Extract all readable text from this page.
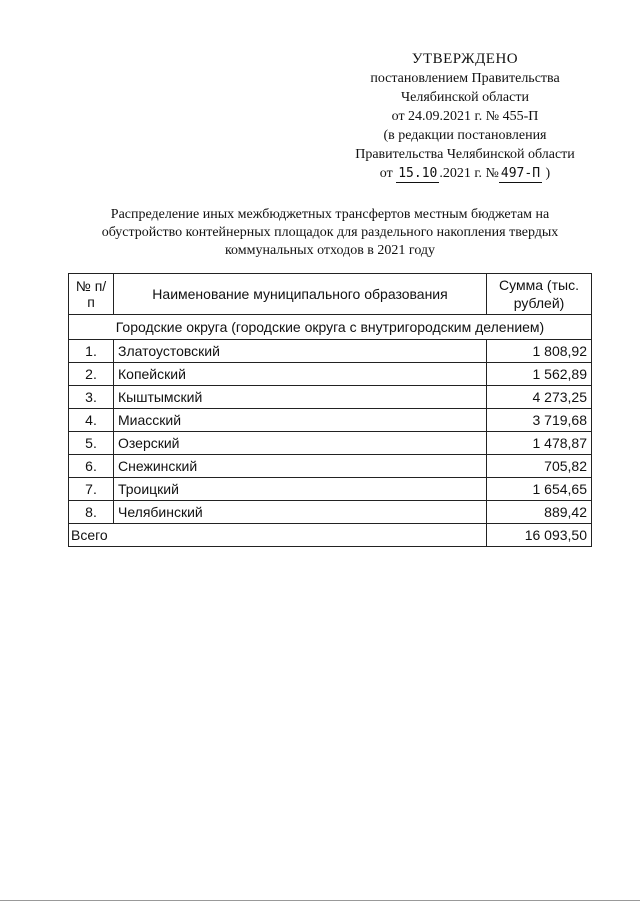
УТВЕРЖДЕНО
постановлением Правительства
Челябинской области
от 24.09.2021 г. № 455-П
(в редакции постановления
Правительства Челябинской области
от 15.10 .2021 г. № 497-П )
Распределение иных межбюджетных трансфертов местным бюджетам на обустройство контейнерных площадок для раздельного накопления твердых коммунальных отходов в 2021 году
№ п/п	Наименование муниципального образования	Сумма (тыс. рублей)
Городские округа (городские округа с внутригородским делением)		
1.	Златоустовский	1 808,92
2.	Копейский	1 562,89
3.	Кыштымский	4 273,25
4.	Миасский	3 719,68
5.	Озерский	1 478,87
6.	Снежинский	705,82
7.	Троицкий	1 654,65
8.	Челябинский	889,42
Всего		16 093,50
